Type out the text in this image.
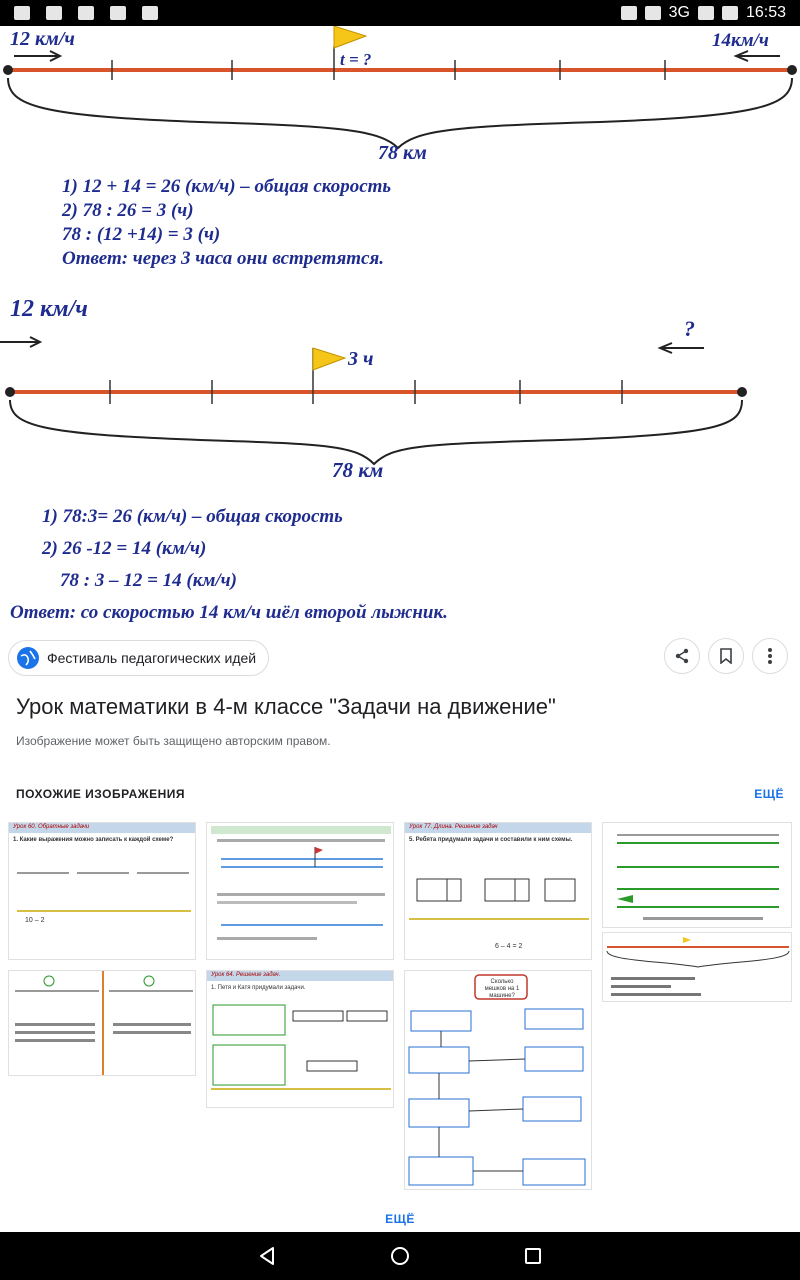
3G	16:53
12 км/ч	14км/ч
t = ?
78 км
1) 12 + 14 = 26 (км/ч) – общая скорость
2) 78 : 26 = 3 (ч)
78 : (12 +14) = 3 (ч)
Ответ: через 3 часа они встретятся.
12 км/ч
?
3 ч
78 км
1) 78:3= 26 (км/ч) – общая скорость
2) 26 -12 = 14 (км/ч)
78 : 3 – 12 = 14 (км/ч)
Ответ: со скоростью 14 км/ч шёл второй лыжник.
Фестиваль педагогических идей
Урок математики в 4-м классе "Задачи на движение"
Изображение может быть защищено авторским правом.
ПОХОЖИЕ ИЗОБРАЖЕНИЯ	ЕЩЁ
Урок 60. Обратные задачи
1. Какие выражения можно записать к каждой схеме?
10 – 2
Урок 77. Длина. Решение задач
5. Ребята придумали задачи и составили к ним схемы.
6 – 4 = 2
Урок 64. Решение задач.
1. Петя и Катя придумали задачи.
Сколько мешков на 1 машине?
ЕЩЁ
